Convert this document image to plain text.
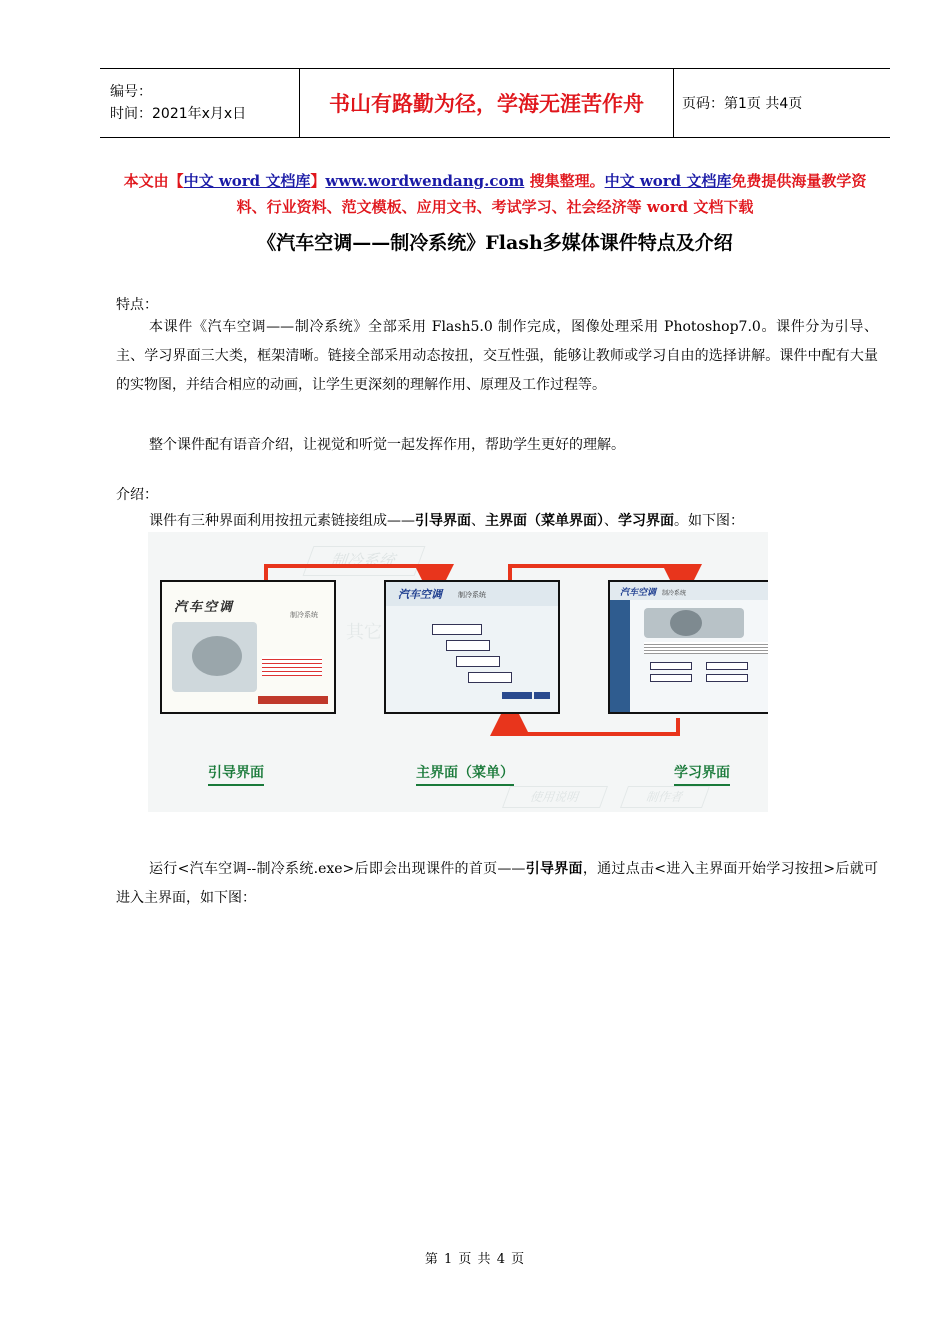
编号：
时间：2021年x月x日	书山有路勤为径，学海无涯苦作舟	页码：第1页 共4页
本文由【中文 word 文档库】www.wordwendang.com 搜集整理。中文 word 文档库免费提供海量教学资
料、行业资料、范文模板、应用文书、考试学习、社会经济等 word 文档下载
《汽车空调——制冷系统》Flash多媒体课件特点及介绍
特点：
本课件《汽车空调——制冷系统》全部采用 Flash5.0 制作完成，图像处理采用 Photoshop7.0。课件分为引导、主、学习界面三大类，框架清晰。链接全部采用动态按扭，交互性强，能够让教师或学习自由的选择讲解。课件中配有大量的实物图，并结合相应的动画，让学生更深刻的理解作用、原理及工作过程等。
整个课件配有语音介绍，让视觉和听觉一起发挥作用，帮助学生更好的理解。
介绍：
课件有三种界面利用按扭元素链接组成——引导界面、主界面（菜单界面）、学习界面。如下图：
制冷系统
其它
使用说明	制作者
汽车空调	制冷系统
汽车空调 制冷系统	汽车空调 制冷系统
引导界面	主界面（菜单）	学习界面
运行<汽车空调--制冷系统.exe>后即会出现课件的首页——引导界面，通过点击<进入主界面开始学习按扭>后就可进入主界面，如下图：
第 1 页 共 4 页
